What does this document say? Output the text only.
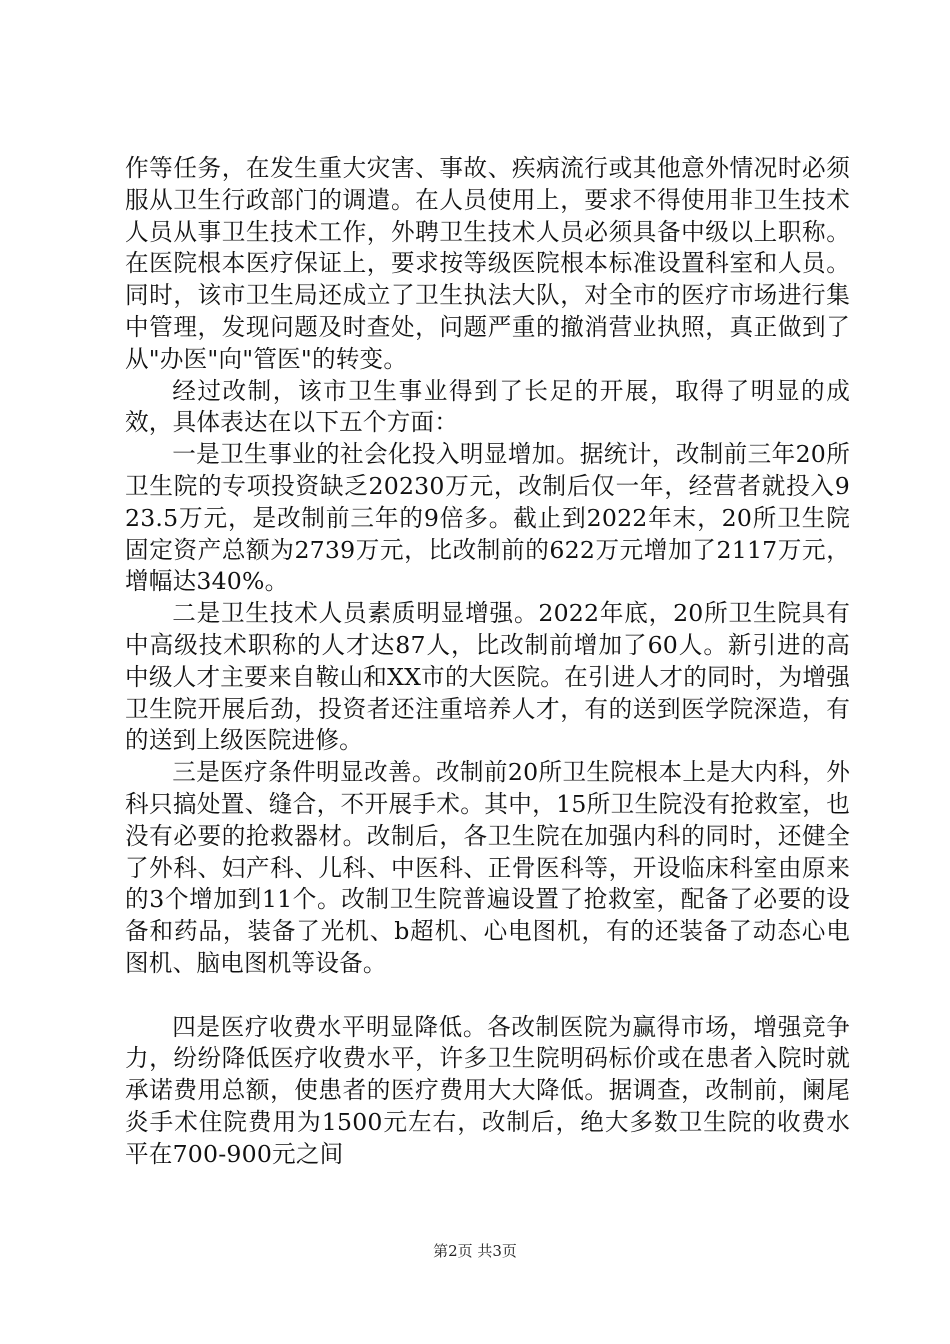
作等任务，在发生重大灾害、事故、疾病流行或其他意外情况时必须服从卫生行政部门的调遣。在人员使用上，要求不得使用非卫生技术人员从事卫生技术工作，外聘卫生技术人员必须具备中级以上职称。在医院根本医疗保证上，要求按等级医院根本标准设置科室和人员。同时，该市卫生局还成立了卫生执法大队，对全市的医疗市场进行集中管理，发现问题及时查处，问题严重的撤消营业执照，真正做到了从"办医"向"管医"的转变。

经过改制，该市卫生事业得到了长足的开展，取得了明显的成效，具体表达在以下五个方面：

一是卫生事业的社会化投入明显增加。据统计，改制前三年20所卫生院的专项投资缺乏20230万元，改制后仅一年，经营者就投入923.5万元，是改制前三年的9倍多。截止到2022年末，20所卫生院固定资产总额为2739万元，比改制前的622万元增加了2117万元，增幅达340%。

二是卫生技术人员素质明显增强。2022年底，20所卫生院具有中高级技术职称的人才达87人，比改制前增加了60人。新引进的高中级人才主要来自鞍山和XX市的大医院。在引进人才的同时，为增强卫生院开展后劲，投资者还注重培养人才，有的送到医学院深造，有的送到上级医院进修。

三是医疗条件明显改善。改制前20所卫生院根本上是大内科，外科只搞处置、缝合，不开展手术。其中，15所卫生院没有抢救室，也没有必要的抢救器材。改制后，各卫生院在加强内科的同时，还健全了外科、妇产科、儿科、中医科、正骨医科等，开设临床科室由原来的3个增加到11个。改制卫生院普遍设置了抢救室，配备了必要的设备和药品，装备了光机、b超机、心电图机，有的还装备了动态心电图机、脑电图机等设备。

四是医疗收费水平明显降低。各改制医院为赢得市场，增强竞争力，纷纷降低医疗收费水平，许多卫生院明码标价或在患者入院时就承诺费用总额，使患者的医疗费用大大降低。据调查，改制前，阑尾炎手术住院费用为1500元左右，改制后，绝大多数卫生院的收费水平在700-900元之间

第2页 共3页
